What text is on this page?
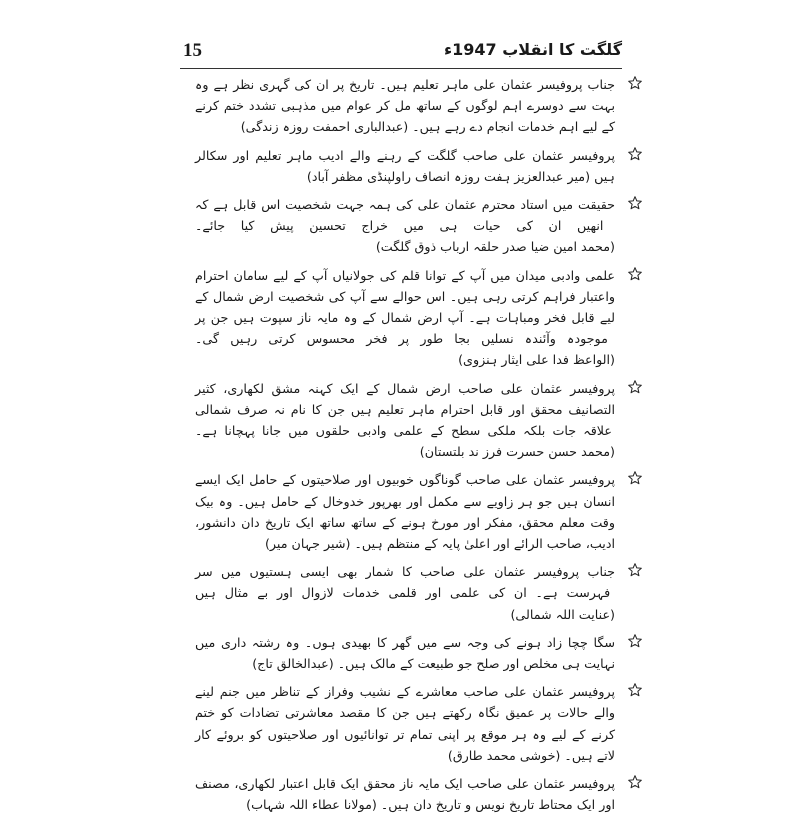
15	گلگت کا انقلاب 1947ء
جناب پروفیسر عثمان علی ماہر تعلیم ہیں۔ تاریخ پر ان کی گہری نظر ہے وہ بہت سے دوسرے اہم لوگوں کے ساتھ مل کر عوام میں مذہبی تشدد ختم کرنے کے لیے اہم خدمات انجام دے رہے ہیں۔ (عبدالباری احمفت روزہ زندگی)
پروفیسر عثمان علی صاحب گلگت کے رہنے والے ادیب ماہر تعلیم اور سکالر ہیں (میر عبدالعزیز ہفت روزہ انصاف راولپنڈی مظفر آباد)
حقیقت میں استاد محترم عثمان علی کی ہمہ جہت شخصیت اس قابل ہے کہ انھیں ان کی حیات ہی میں خراج تحسین پیش کیا جائے۔ (محمد امین ضیا صدر حلقہ ارباب ذوق گلگت)
علمی وادبی میدان میں آپ کے توانا قلم کی جولانیاں آپ کے لیے سامان احترام واعتبار فراہم کرتی رہی ہیں۔ اس حوالے سے آپ کی شخصیت ارض شمال کے لیے قابل فخر ومباہات ہے۔ آپ ارض شمال کے وہ مایہ ناز سپوت ہیں جن پر موجودہ وآئندہ نسلیں بجا طور پر فخر محسوس کرتی رہیں گی۔ (الواعظ فدا علی ایثار ہنزوی)
پروفیسر عثمان علی صاحب ارض شمال کے ایک کہنہ مشق لکھاری، کثیر التصانیف محقق اور قابل احترام ماہر تعلیم ہیں جن کا نام نہ صرف شمالی علاقہ جات بلکہ ملکی سطح کے علمی وادبی حلقوں میں جانا پہچانا ہے۔ (محمد حسن حسرت فرز ند بلتستان)
پروفیسر عثمان علی صاحب گوناگوں خوبیوں اور صلاحیتوں کے حامل ایک ایسے انسان ہیں جو ہر زاویے سے مکمل اور بھرپور خدوخال کے حامل ہیں۔ وہ بیک وقت معلم محقق، مفکر اور مورخ ہونے کے ساتھ ساتھ ایک تاریخ دان دانشور، ادیب، صاحب الرائے اور اعلیٰ پایہ کے منتظم ہیں۔ (شیر جہان میر)
جناب پروفیسر عثمان علی صاحب کا شمار بھی ایسی ہستیوں میں سر فہرست ہے۔ ان کی علمی اور قلمی خدمات لازوال اور بے مثال ہیں (عنایت اللہ شمالی)
سگا چچا زاد ہونے کی وجہ سے میں گھر کا بھیدی ہوں۔ وہ رشتہ داری میں نہایت ہی مخلص اور صلح جو طبیعت کے مالک ہیں۔ (عبدالخالق تاج)
پروفیسر عثمان علی صاحب معاشرے کے نشیب وفراز کے تناظر میں جنم لینے والے حالات پر عمیق نگاہ رکھتے ہیں جن کا مقصد معاشرتی تضادات کو ختم کرنے کے لیے وہ ہر موقع پر اپنی تمام تر توانائیوں اور صلاحیتوں کو بروئے کار لاتے ہیں۔ (خوشی محمد طارق)
پروفیسر عثمان علی صاحب ایک مایہ ناز محقق ایک قابل اعتبار لکھاری، مصنف اور ایک محتاط تاریخ نویس و تاریخ دان ہیں۔ (مولانا عطاء اللہ شہاب)
